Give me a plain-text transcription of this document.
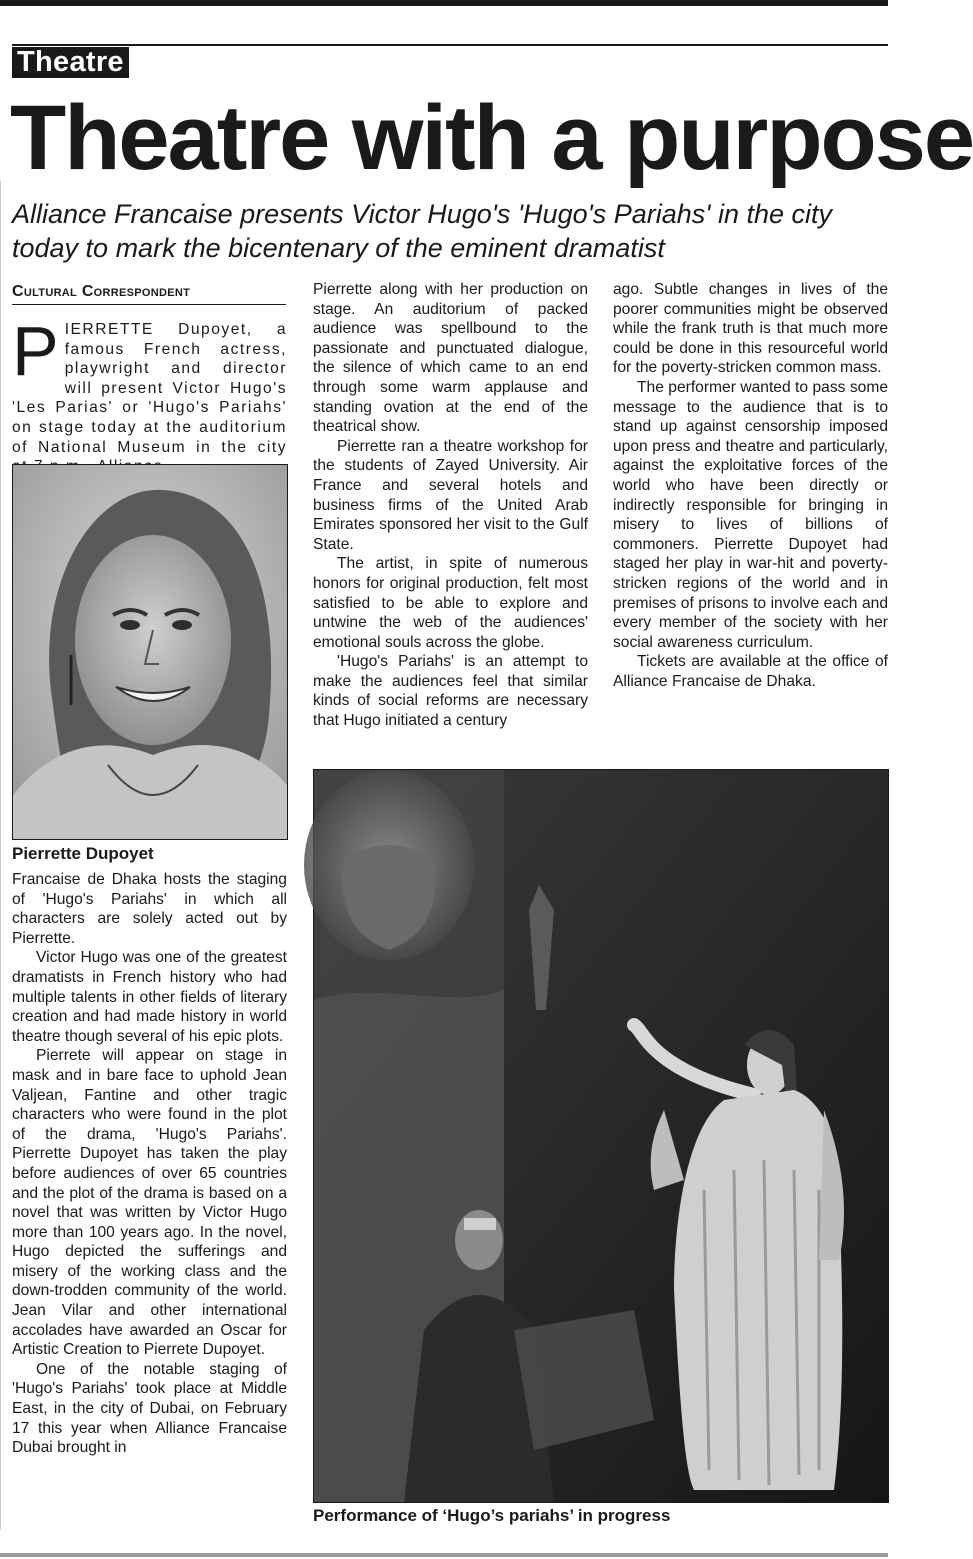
Theatre
Theatre with a purpose

Alliance Francaise presents Victor Hugo's 'Hugo's Pariahs' in the city today to mark the bicentenary of the eminent dramatist

Cultural Correspondent

PIERRETTE Dupoyet, a famous French actress, playwright and director will present Victor Hugo's 'Les Parias' or 'Hugo's Pariahs' on stage today at the auditorium of National Museum in the city

Pierrette Dupoyet

Francaise de Dhaka hosts the staging of 'Hugo's Pariahs' in which all characters are solely acted out by Pierrette.

Victor Hugo was one of the greatest dramatists in French history who had multiple talents in other fields of literary creation and had made history in world theatre though several of his epic plots.

Pierrete will appear on stage in mask and in bare face to uphold Jean Valjean, Fantine and other tragic characters who were found in the plot of the drama, 'Hugo's Pariahs'. Pierrette Dupoyet has taken the play before audiences of over 65 countries and the plot of the drama is based on a novel that was written by Victor Hugo more than 100 years ago. In the novel, Hugo depicted the sufferings and misery of the working class and the down-trodden community of the world. Jean Vilar and other international accolades have awarded an Oscar for Artistic Creation to Pierrete Dupoyet.

One of the notable staging of 'Hugo's Pariahs' took place at Middle East, in the city of Dubai, on February 17 this year when Alliance Francaise Dubai brought in

Pierrette along with her production on stage. An auditorium of packed audience was spellbound to the passionate and punctuated dialogue, the silence of which came to an end through some warm applause and standing ovation at the end of the theatrical show.

Pierrette ran a theatre workshop for the students of Zayed University. Air France and several hotels and business firms of the United Arab Emirates sponsored her visit to the Gulf State.

The artist, in spite of numerous honors for original production, felt most satisfied to be able to explore and untwine the web of the audiences' emotional souls across the globe.

'Hugo's Pariahs' is an attempt to make the audiences feel that similar kinds of social reforms are necessary that Hugo initiated a century

ago. Subtle changes in lives of the poorer communities might be observed while the frank truth is that much more could be done in this resourceful world for the poverty-stricken common mass.

The performer wanted to pass some message to the audience that is to stand up against censorship imposed upon press and theatre and particularly, against the exploitative forces of the world who have been directly or indirectly responsible for bringing in misery to lives of billions of commoners. Pierrette Dupoyet had staged her play in war-hit and poverty-stricken regions of the world and in premises of prisons to involve each and every member of the society with her social awareness curriculum.

Tickets are available at the office of Alliance Francaise de Dhaka.

Performance of ‘Hugo’s pariahs’ in progress
